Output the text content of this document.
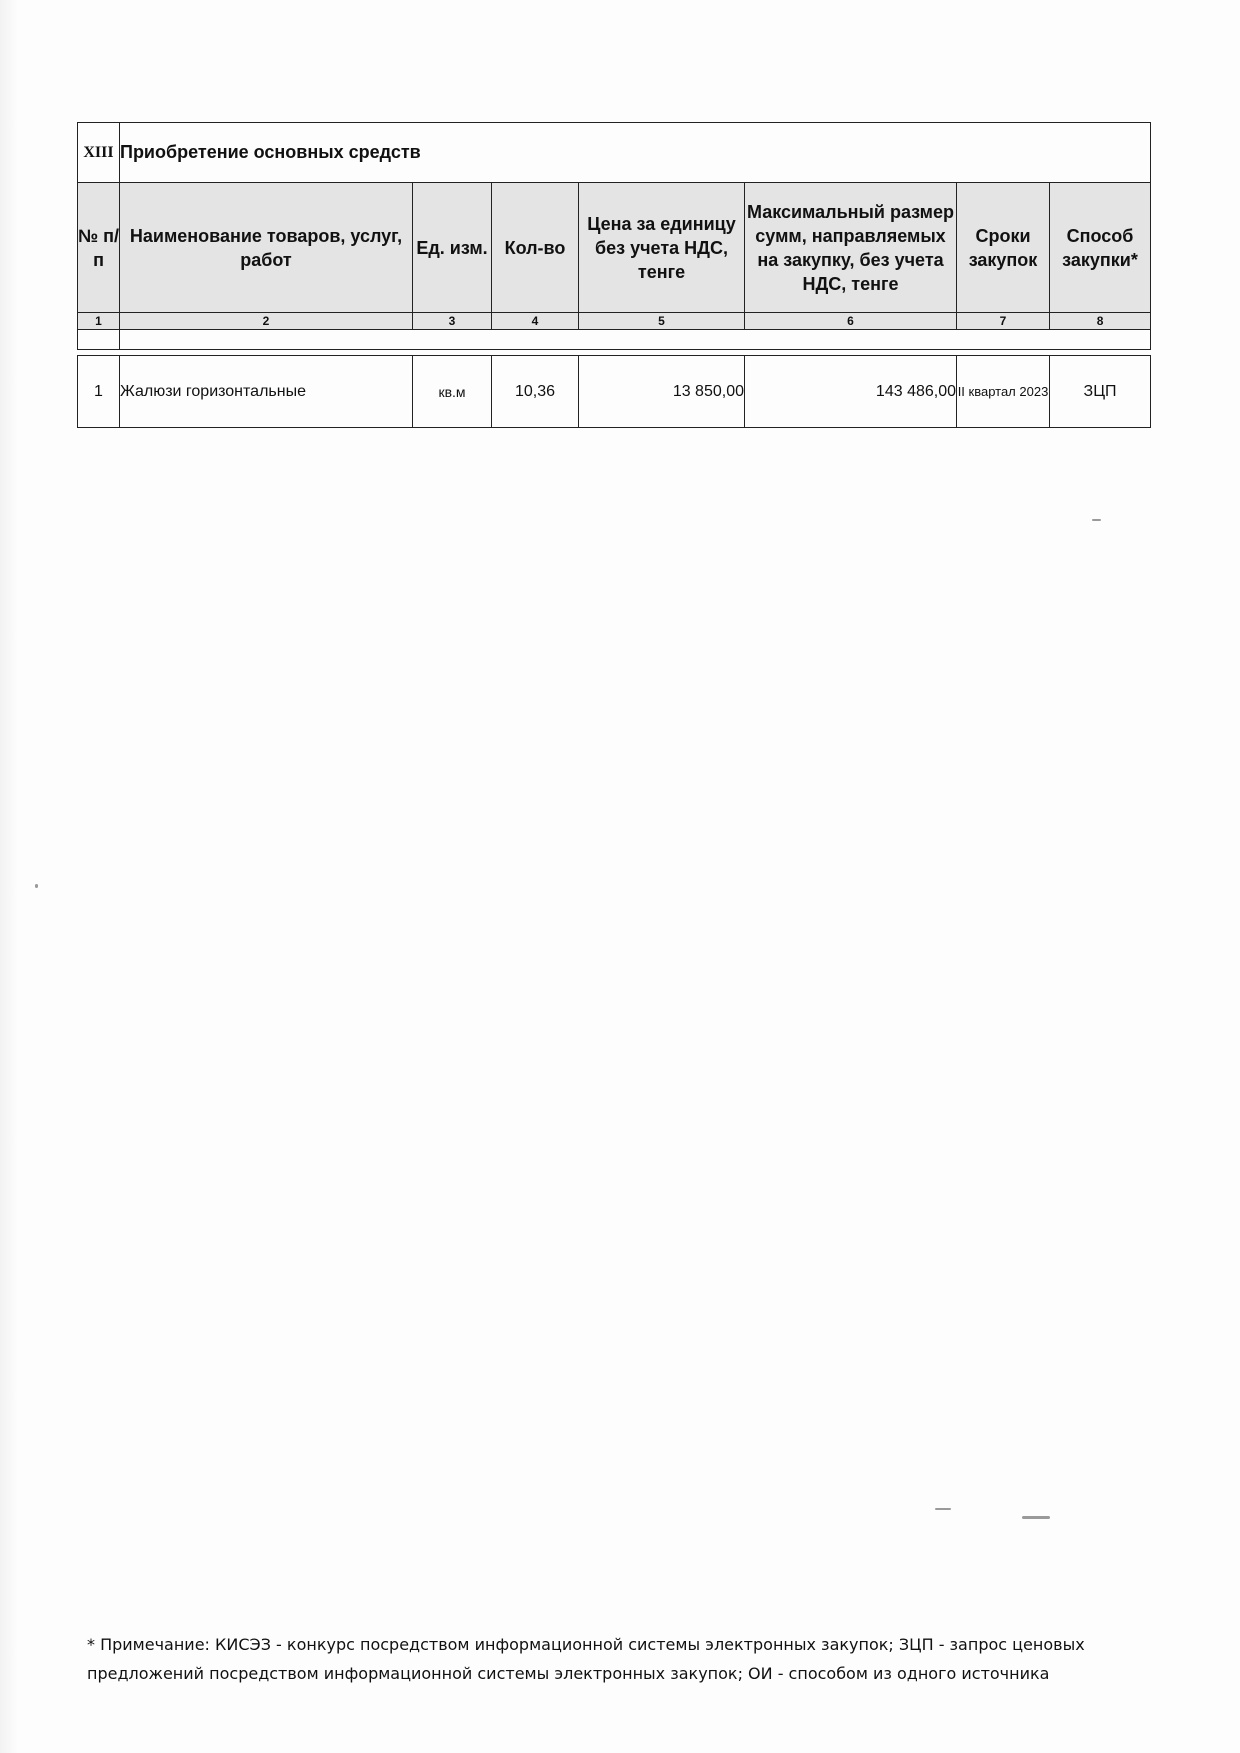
XIII	Приобретение основных средств						
№ п/п	Наименование товаров, услуг, работ	Ед. изм.	Кол-во	Цена за единицу без учета НДС, тенге	Максимальный размер сумм, направляемых на закупку, без учета НДС, тенге	Сроки закупок	Способ закупки*
1	2	3	4	5	6	7	8

1	Жалюзи горизонтальные	кв.м	10,36	13 850,00	143 486,00	II квартал 2023	ЗЦП
* Примечание: КИСЭЗ - конкурс посредством информационной системы электронных закупок; ЗЦП - запрос ценовых предложений посредством информационной системы электронных закупок; ОИ - способом из одного источника
